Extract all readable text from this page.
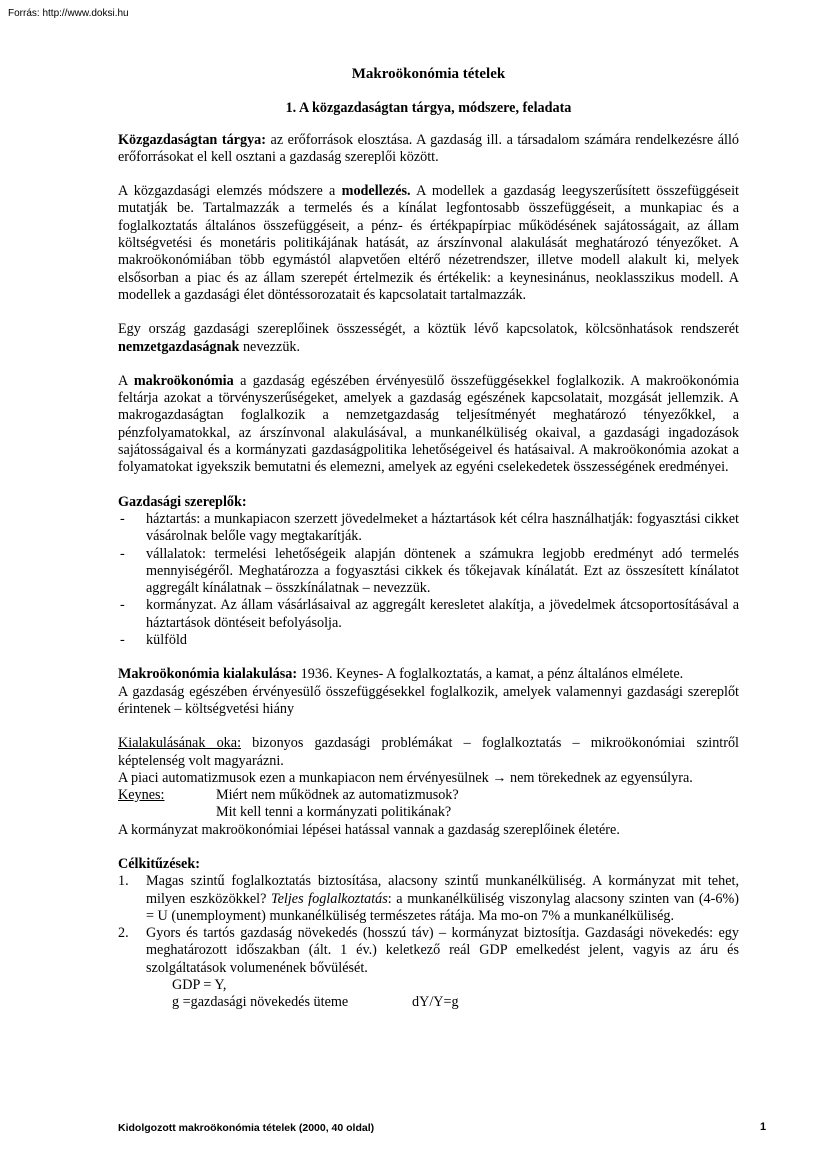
Forrás: http://www.doksi.hu
Makroökonómia tételek
1. A közgazdaságtan tárgya, módszere, feladata

Közgazdaságtan tárgya: az erőforrások elosztása. A gazdaság ill. a társadalom számára rendelkezésre álló erőforrásokat el kell osztani a gazdaság szereplői között.

A közgazdasági elemzés módszere a modellezés. A modellek a gazdaság leegyszerűsített összefüggéseit mutatják be. Tartalmazzák a termelés és a kínálat legfontosabb összefüggéseit, a munkapiac és a foglalkoztatás általános összefüggéseit, a pénz- és értékpapírpiac működésének sajátosságait, az állam költségvetési és monetáris politikájának hatását, az árszínvonal alakulását meghatározó tényezőket. A makroökonómiában több egymástól alapvetően eltérő nézetrendszer, illetve modell alakult ki, melyek elsősorban a piac és az állam szerepét értelmezik és értékelik: a keynesinánus, neoklasszikus modell. A modellek a gazdasági élet döntéssorozatait és kapcsolatait tartalmazzák.

Egy ország gazdasági szereplőinek összességét, a köztük lévő kapcsolatok, kölcsönhatások rendszerét nemzetgazdaságnak nevezzük.

A makroökonómia a gazdaság egészében érvényesülő összefüggésekkel foglalkozik. A makroökonómia feltárja azokat a törvényszerűségeket, amelyek a gazdaság egészének kapcsolatait, mozgását jellemzik. A makrogazdaságtan foglalkozik a nemzetgazdaság teljesítményét meghatározó tényezőkkel, a pénzfolyamatokkal, az árszínvonal alakulásával, a munkanélküliség okaival, a gazdasági ingadozások sajátosságaival és a kormányzati gazdaságpolitika lehetőségeivel és hatásaival. A makroökonómia azokat a folyamatokat igyekszik bemutatni és elemezni, amelyek az egyéni cselekedetek összességének eredményei.

Gazdasági szereplők:

- háztartás: a munkapiacon szerzett jövedelmeket a háztartások két célra használhatják: fogyasztási cikket vásárolnak belőle vagy megtakarítják.
- vállalatok: termelési lehetőségeik alapján döntenek a számukra legjobb eredményt adó termelés mennyiségéről. Meghatározza a fogyasztási cikkek és tőkejavak kínálatát. Ezt az összesített kínálatot aggregált kínálatnak – összkínálatnak – nevezzük.
- kormányzat. Az állam vásárlásaival az aggregált keresletet alakítja, a jövedelmek átcsoportosításával a háztartások döntéseit befolyásolja.
- külföld

Makroökonómia kialakulása: 1936. Keynes- A foglalkoztatás, a kamat, a pénz általános elmélete.

A gazdaság egészében érvényesülő összefüggésekkel foglalkozik, amelyek valamennyi gazdasági szereplőt érintenek – költségvetési hiány

Kialakulásának oka: bizonyos gazdasági problémákat – foglalkoztatás – mikroökonómiai szintről képtelenség volt magyarázni.

A piaci automatizmusok ezen a munkapiacon nem érvényesülnek → nem törekednek az egyensúlyra.

Keynes:	Miért nem működnek az automatizmusok?
Mit kell tenni a kormányzati politikának?

A kormányzat makroökonómiai lépései hatással vannak a gazdaság szereplőinek életére.

Célkitűzések:

1. Magas szintű foglalkoztatás biztosítása, alacsony szintű munkanélküliség. A kormányzat mit tehet, milyen eszközökkel? Teljes foglalkoztatás: a munkanélküliség viszonylag alacsony szinten van (4-6%) = U (unemployment) munkanélküliség természetes rátája. Ma mo-on 7% a munkanélküliség.
2. Gyors és tartós gazdaság növekedés (hosszú táv) – kormányzat biztosítja. Gazdasági növekedés: egy meghatározott időszakban (ált. 1 év.) keletkező reál GDP emelkedést jelent, vagyis az áru és szolgáltatások volumenének bővülését.
GDP = Y,
g =gazdasági növekedés üteme	dY/Y=g
Kidolgozott makroökonómia tételek (2000, 40 oldal)	1
